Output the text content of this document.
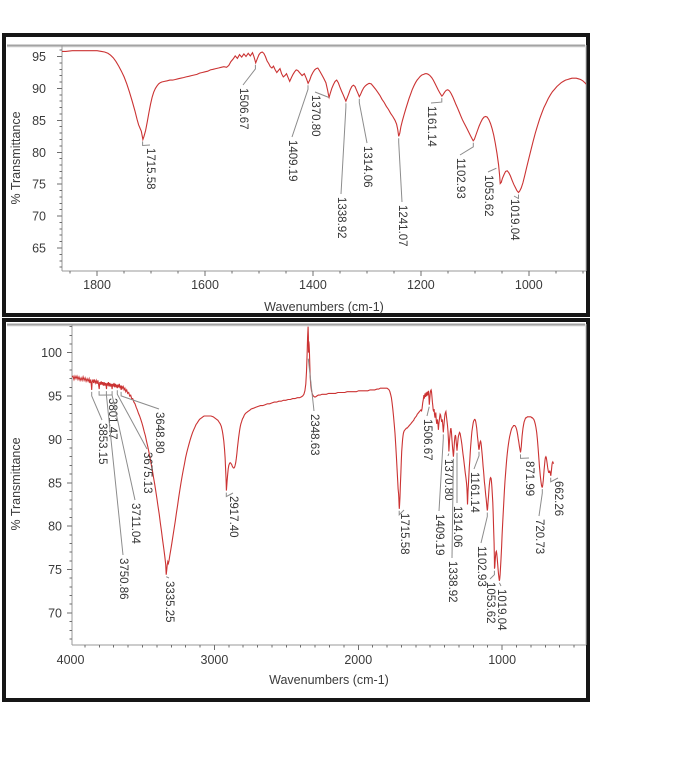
95
90
85
80
75
70
65
1800	1600	1400	1200	1000
1715.58
1506.67
1409.19
1370.80
1338.92
1314.06
1241.07
1161.14
1102.93 1053.62
1019.04
100
95
90
85
80
75
70
4000	3000	2000	1000
3853.15
3801.47
3750.86
3711.04
3675.13
3648.80
3335.25
2917.40
2348.63
1715.58
1506.67
1409.19
1370.80
1338.92
1314.06
1161.14
1102.93
1053.62 1019.04
871.99
720.73
662.26
Wavenumbers (cm-1)
% Transmittance
Wavenumbers (cm-1)
% Transmittance
